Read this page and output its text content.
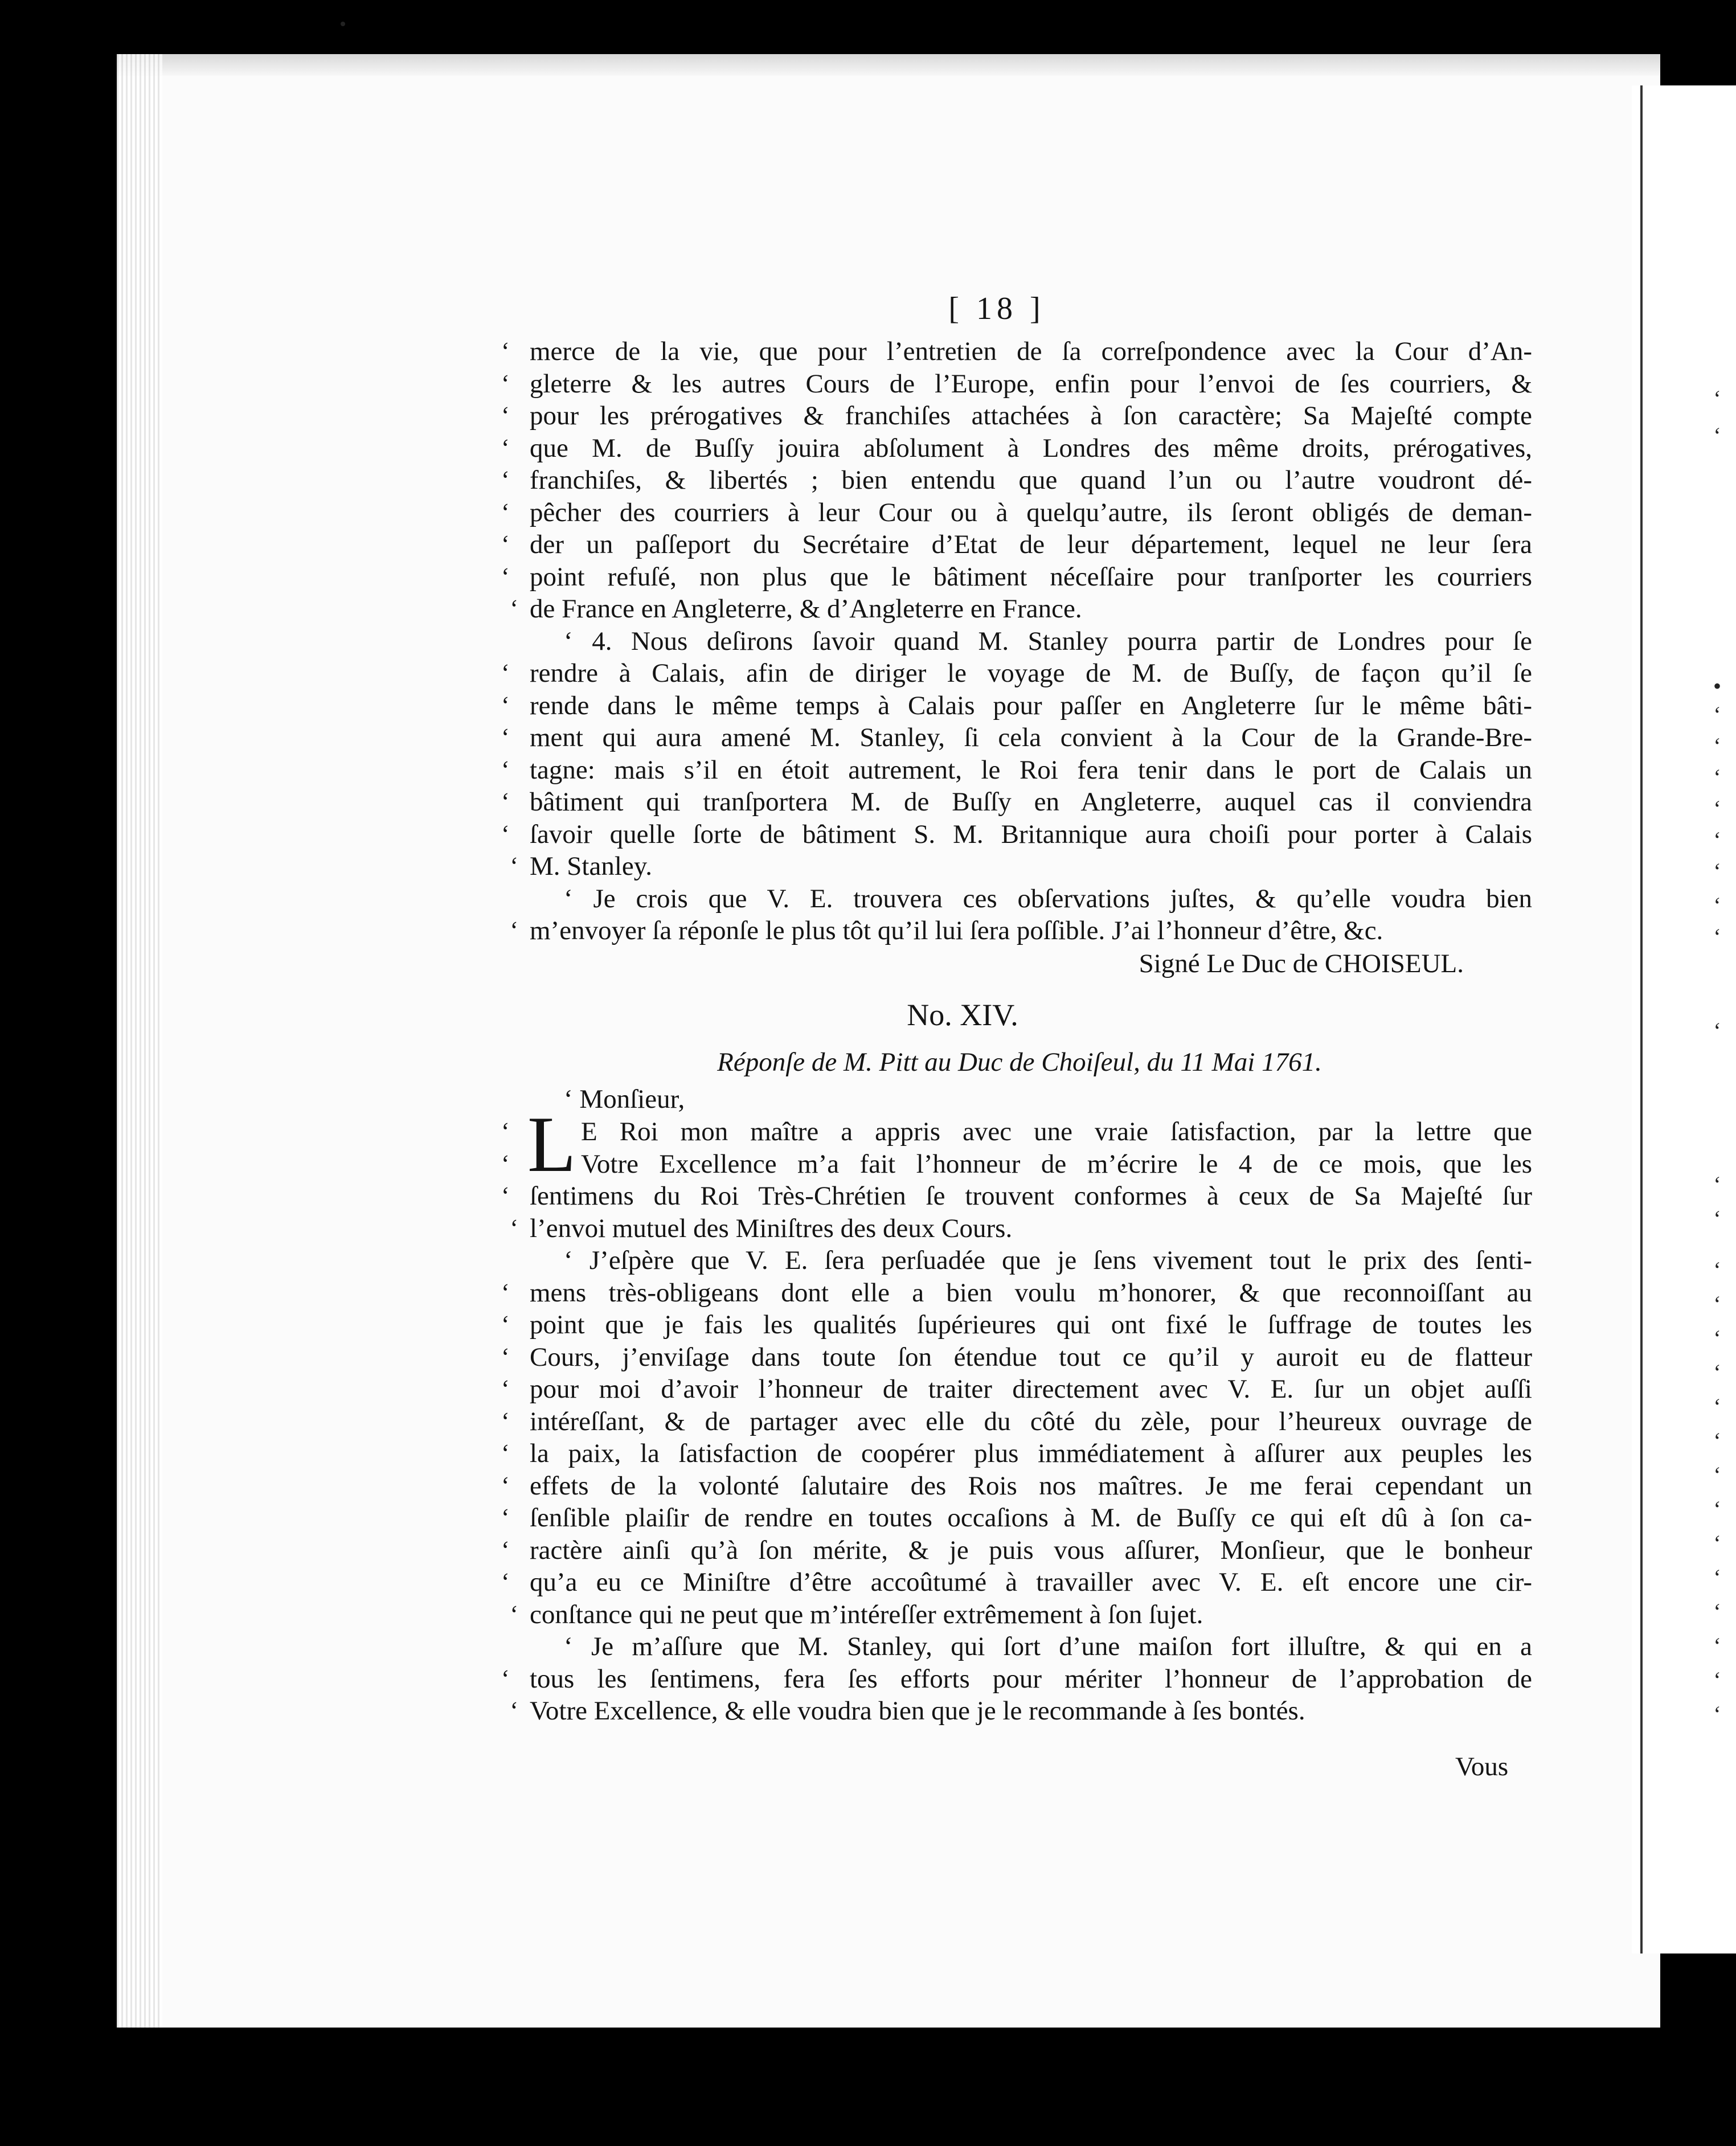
[ 18 ]
‘ merce de la vie, que pour l’entretien de ſa correſpondence avec la Cour d’An-
‘ gleterre & les autres Cours de l’Europe, enfin pour l’envoi de ſes courriers, &
‘ pour les prérogatives & franchiſes attachées à ſon caractère; Sa Majeſté compte
‘ que M. de Buſſy jouira abſolument à Londres des même droits, prérogatives,
‘ franchiſes, & libertés ; bien entendu que quand l’un ou l’autre voudront dé-
‘ pêcher des courriers à leur Cour ou à quelqu’autre, ils ſeront obligés de deman-
‘ der un paſſeport du Secrétaire d’Etat de leur département, lequel ne leur ſera
‘ point refuſé, non plus que le bâtiment néceſſaire pour tranſporter les courriers
‘ de France en Angleterre, & d’Angleterre en France.
‘ 4. Nous deſirons ſavoir quand M. Stanley pourra partir de Londres pour ſe
‘ rendre à Calais, afin de diriger le voyage de M. de Buſſy, de façon qu’il ſe
‘ rende dans le même temps à Calais pour paſſer en Angleterre ſur le même bâti-
‘ ment qui aura amené M. Stanley, ſi cela convient à la Cour de la Grande-Bre-
‘ tagne: mais s’il en étoit autrement, le Roi fera tenir dans le port de Calais un
‘ bâtiment qui tranſportera M. de Buſſy en Angleterre, auquel cas il conviendra
‘ ſavoir quelle ſorte de bâtiment S. M. Britannique aura choiſi pour porter à Calais
‘ M. Stanley.
‘ Je crois que V. E. trouvera ces obſervations juſtes, & qu’elle voudra bien
‘ m’envoyer ſa réponſe le plus tôt qu’il lui ſera poſſible. J’ai l’honneur d’être, &c.
Signé Le Duc de CHOISEUL.
No. XIV.
Réponſe de M. Pitt au Duc de Choiſeul, du 11 Mai 1761.
‘ Monſieur,
L
‘	E Roi mon maître a appris avec une vraie ſatisfaction, par la lettre que
‘	Votre Excellence m’a fait l’honneur de m’écrire le 4 de ce mois, que les
‘ ſentimens du Roi Très-Chrétien ſe trouvent conformes à ceux de Sa Majeſté ſur
‘ l’envoi mutuel des Miniſtres des deux Cours.
‘ J’eſpère que V. E. ſera perſuadée que je ſens vivement tout le prix des ſenti-
‘ mens très-obligeans dont elle a bien voulu m’honorer, & que reconnoiſſant au
‘ point que je fais les qualités ſupérieures qui ont fixé le ſuffrage de toutes les
‘ Cours, j’enviſage dans toute ſon étendue tout ce qu’il y auroit eu de flatteur
‘ pour moi d’avoir l’honneur de traiter directement avec V. E. ſur un objet auſſi
‘ intéreſſant, & de partager avec elle du côté du zèle, pour l’heureux ouvrage de
‘ la paix, la ſatisfaction de coopérer plus immédiatement à aſſurer aux peuples les
‘ effets de la volonté ſalutaire des Rois nos maîtres. Je me ferai cependant un
‘ ſenſible plaiſir de rendre en toutes occaſions à M. de Buſſy ce qui eſt dû à ſon ca-
‘ ractère ainſi qu’à ſon mérite, & je puis vous aſſurer, Monſieur, que le bonheur
‘ qu’a eu ce Miniſtre d’être accoûtumé à travailler avec V. E. eſt encore une cir-
‘ conſtance qui ne peut que m’intéreſſer extrêmement à ſon ſujet.
‘ Je m’aſſure que M. Stanley, qui ſort d’une maiſon fort illuſtre, & qui en a
‘ tous les ſentimens, fera ſes efforts pour mériter l’honneur de l’approbation de
‘ Votre Excellence, & elle voudra bien que je le recommande à ſes bontés.
Vous
‘
‘
•
‘
‘
‘
‘
‘
‘
‘
‘
‘
‘
‘
‘
‘
‘
‘
‘
‘
‘
‘
‘
‘
‘
‘
‘
‘
